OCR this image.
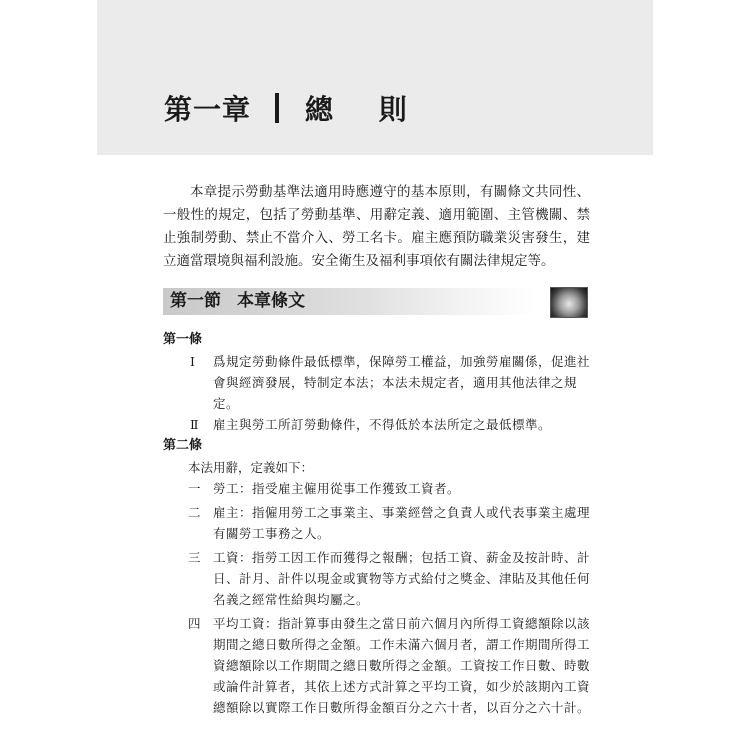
第一章 總 則

本章提示勞動基準法適用時應遵守的基本原則，有關條文共同性、一般性的規定，包括了勞動基準、用辭定義、適用範圍、主管機關、禁止強制勞動、禁止不當介入、勞工名卡。雇主應預防職業災害發生，建立適當環境與福利設施。安全衛生及福利事項依有關法律規定等。

第一節 本章條文
第一條
Ⅰ	爲規定勞動條件最低標準，保障勞工權益，加強勞雇關係，促進社會與經濟發展，特制定本法；本法未規定者，適用其他法律之規定。
Ⅱ	雇主與勞工所訂勞動條件，不得低於本法所定之最低標準。
第二條
本法用辭，定義如下：
一 勞工：指受雇主僱用從事工作獲致工資者。
二 雇主：指僱用勞工之事業主、事業經營之負責人或代表事業主處理有關勞工事務之人。
三 工資：指勞工因工作而獲得之報酬；包括工資、薪金及按計時、計日、計月、計件以現金或實物等方式給付之獎金、津貼及其他任何名義之經常性給與均屬之。
四 平均工資：指計算事由發生之當日前六個月內所得工資總額除以該期間之總日數所得之金額。工作未滿六個月者，謂工作期間所得工資總額除以工作期間之總日數所得之金額。工資按工作日數、時數或論件計算者，其依上述方式計算之平均工資，如少於該期內工資總額除以實際工作日數所得金額百分之六十者，以百分之六十計。
